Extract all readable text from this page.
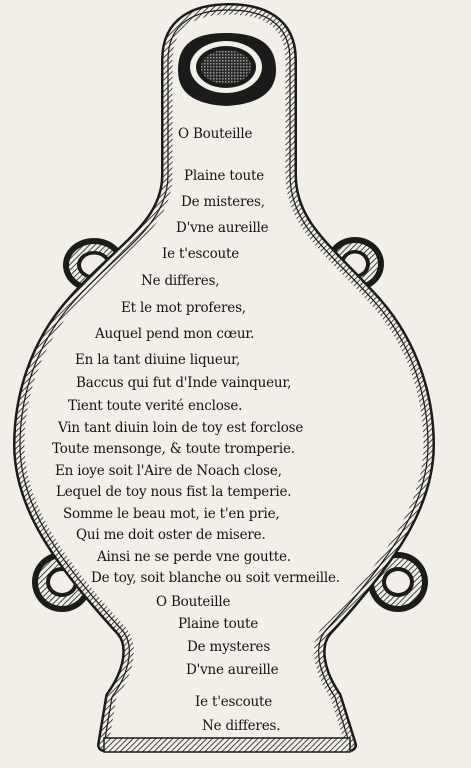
O Bouteille

Plaine toute

De misteres,

D'vne aureille

Ie t'escoute

Ne differes,

Et le mot proferes,

Auquel pend mon cœur.

En la tant diuine liqueur,

Baccus qui fut d'Inde vainqueur,

Tient toute verité enclose.

Vin tant diuin loin de toy est forclose

Toute mensonge, & toute tromperie.

En ioye soit l'Aire de Noach close,

Lequel de toy nous fist la temperie.

Somme le beau mot, ie t'en prie,

Qui me doit oster de misere.

Ainsi ne se perde vne goutte.

De toy, soit blanche ou soit vermeille.

O Bouteille

Plaine toute

De mysteres

D'vne aureille

Ie t'escoute

Ne differes.
